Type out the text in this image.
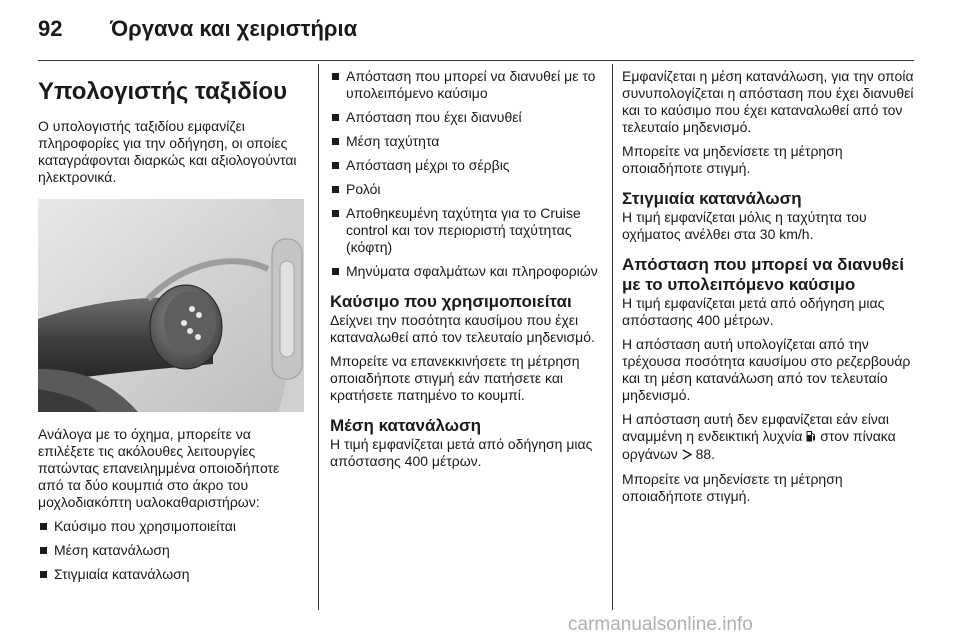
92 Όργανα και χειριστήρια
Υπολογιστής ταξιδίου

Ο υπολογιστής ταξιδίου εμφανίζει πληροφορίες για την οδήγηση, οι οποίες καταγράφονται διαρκώς και αξιολογούνται ηλεκτρονικά.

Ανάλογα με το όχημα, μπορείτε να επιλέξετε τις ακόλουθες λειτουργίες πατώντας επανειλημμένα οποιοδήποτε από τα δύο κουμπιά στο άκρο του μοχλοδιακόπτη υαλοκαθαριστήρων:

Καύσιμο που χρησιμοποιείται
Μέση κατανάλωση
Στιγμιαία κατανάλωση
Απόσταση που μπορεί να διανυθεί με το υπολειπόμενο καύσιμο
Απόσταση που έχει διανυθεί
Μέση ταχύτητα
Απόσταση μέχρι το σέρβις
Ρολόι
Αποθηκευμένη ταχύτητα για το Cruise control και τον περιοριστή ταχύτητας (κόφτη)
Μηνύματα σφαλμάτων και πληροφοριών
Καύσιμο που χρησιμοποιείται

Δείχνει την ποσότητα καυσίμου που έχει καταναλωθεί από τον τελευταίο μηδενισμό.

Μπορείτε να επανεκκινήσετε τη μέτρηση οποιαδήποτε στιγμή εάν πατήσετε και κρατήσετε πατημένο το κουμπί.

Μέση κατανάλωση

Η τιμή εμφανίζεται μετά από οδήγηση μιας απόστασης 400 μέτρων.

Εμφανίζεται η μέση κατανάλωση, για την οποία συνυπολογίζεται η απόσταση που έχει διανυθεί και το καύσιμο που έχει καταναλωθεί από τον τελευταίο μηδενισμό.

Μπορείτε να μηδενίσετε τη μέτρηση οποιαδήποτε στιγμή.

Στιγμιαία κατανάλωση

Η τιμή εμφανίζεται μόλις η ταχύτητα του οχήματος ανέλθει στα 30 km/h.

Απόσταση που μπορεί να διανυθεί με το υπολειπόμενο καύσιμο

Η τιμή εμφανίζεται μετά από οδήγηση μιας απόστασης 400 μέτρων.

Η απόσταση αυτή υπολογίζεται από την τρέχουσα ποσότητα καυσίμου στο ρεζερβουάρ και τη μέση κατανάλωση από τον τελευταίο μηδενισμό.

Η απόσταση αυτή δεν εμφανίζεται εάν είναι αναμμένη η ενδεικτική λυχνία στον πίνακα οργάνων 88.

Μπορείτε να μηδενίσετε τη μέτρηση οποιαδήποτε στιγμή.

carmanualsonline.info
